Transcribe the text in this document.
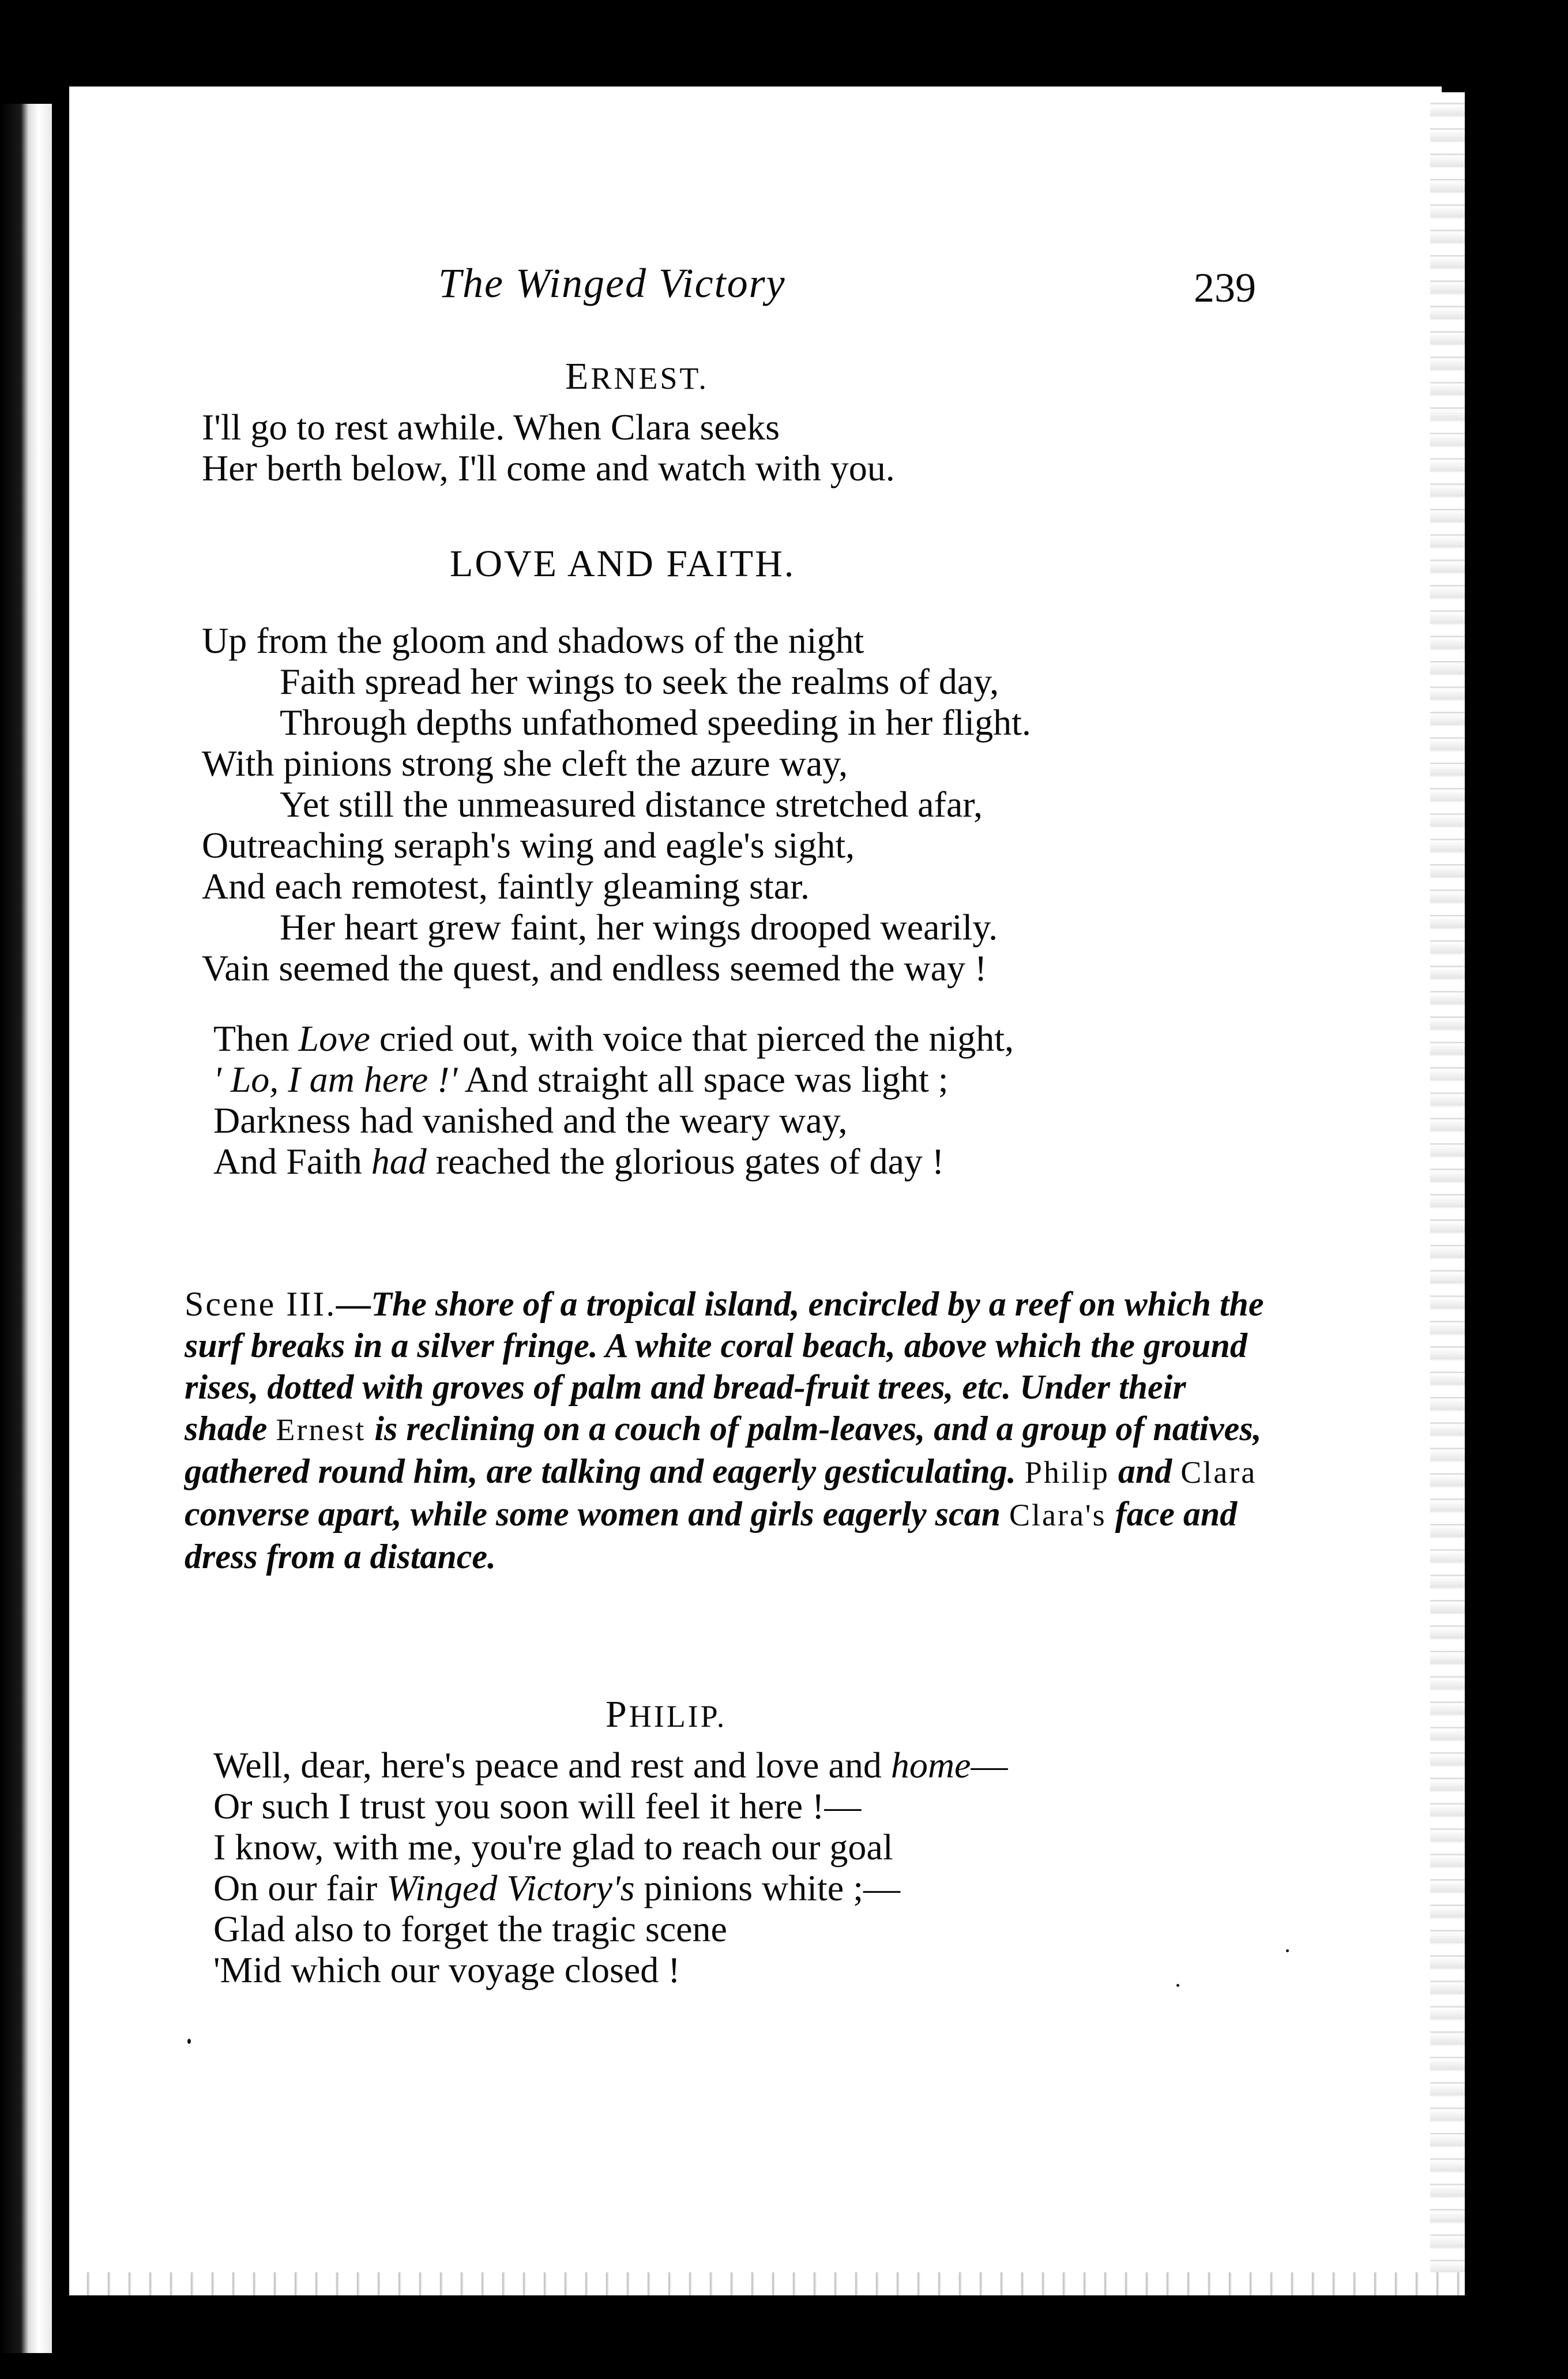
The Winged Victory	239
ERNEST.
I'll go to rest awhile. When Clara seeks
Her berth below, I'll come and watch with you.
LOVE AND FAITH.
Up from the gloom and shadows of the night
Faith spread her wings to seek the realms of day,
Through depths unfathomed speeding in her flight.
With pinions strong she cleft the azure way,
Yet still the unmeasured distance stretched afar,
Outreaching seraph's wing and eagle's sight,
And each remotest, faintly gleaming star.
Her heart grew faint, her wings drooped wearily.
Vain seemed the quest, and endless seemed the way !
Then Love cried out, with voice that pierced the night,
' Lo, I am here !' And straight all space was light ;
Darkness had vanished and the weary way,
And Faith had reached the glorious gates of day !
Scene III.—The shore of a tropical island, encircled by a reef on which the surf breaks in a silver fringe. A white coral beach, above which the ground rises, dotted with groves of palm and bread-fruit trees, etc. Under their shade Ernest is reclining on a couch of palm-leaves, and a group of natives, gathered round him, are talking and eagerly gesticulating. Philip and Clara converse apart, while some women and girls eagerly scan Clara's face and dress from a distance.
PHILIP.
Well, dear, here's peace and rest and love and home—
Or such I trust you soon will feel it here !—
I know, with me, you're glad to reach our goal
On our fair Winged Victory's pinions white ;—
Glad also to forget the tragic scene
'Mid which our voyage closed !
